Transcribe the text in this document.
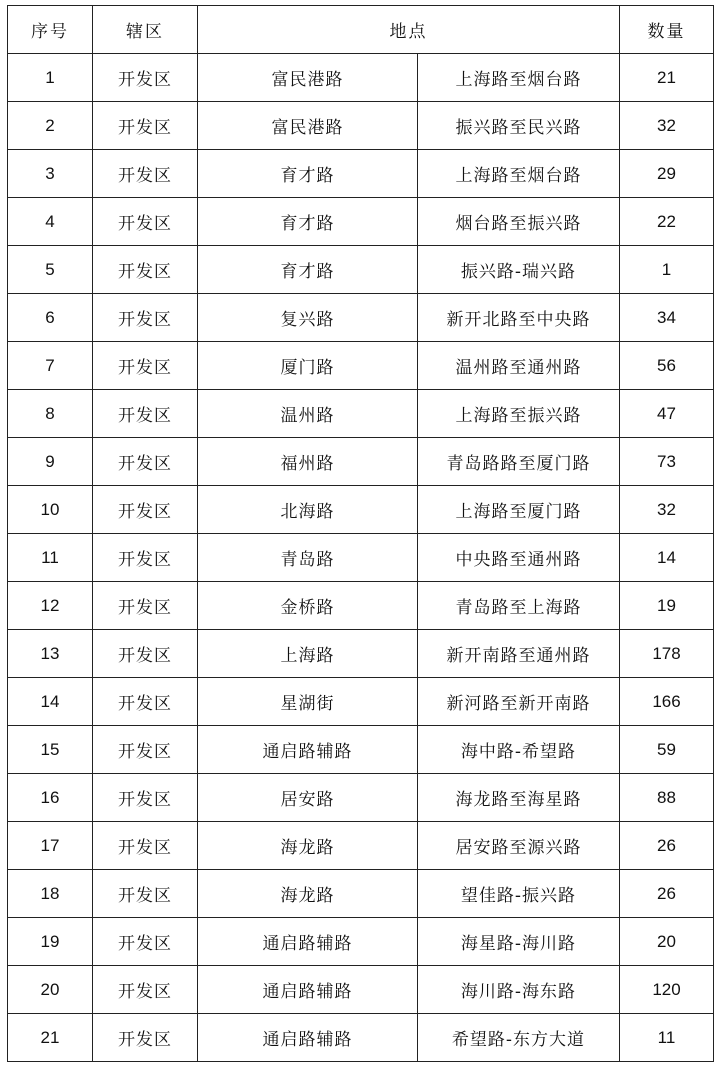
序号	辖区	地点		数量
1	开发区	富民港路	上海路至烟台路	21
2	开发区	富民港路	振兴路至民兴路	32
3	开发区	育才路	上海路至烟台路	29
4	开发区	育才路	烟台路至振兴路	22
5	开发区	育才路	振兴路-瑞兴路	1
6	开发区	复兴路	新开北路至中央路	34
7	开发区	厦门路	温州路至通州路	56
8	开发区	温州路	上海路至振兴路	47
9	开发区	福州路	青岛路路至厦门路	73
10	开发区	北海路	上海路至厦门路	32
11	开发区	青岛路	中央路至通州路	14
12	开发区	金桥路	青岛路至上海路	19
13	开发区	上海路	新开南路至通州路	178
14	开发区	星湖街	新河路至新开南路	166
15	开发区	通启路辅路	海中路-希望路	59
16	开发区	居安路	海龙路至海星路	88
17	开发区	海龙路	居安路至源兴路	26
18	开发区	海龙路	望佳路-振兴路	26
19	开发区	通启路辅路	海星路-海川路	20
20	开发区	通启路辅路	海川路-海东路	120
21	开发区	通启路辅路	希望路-东方大道	11
